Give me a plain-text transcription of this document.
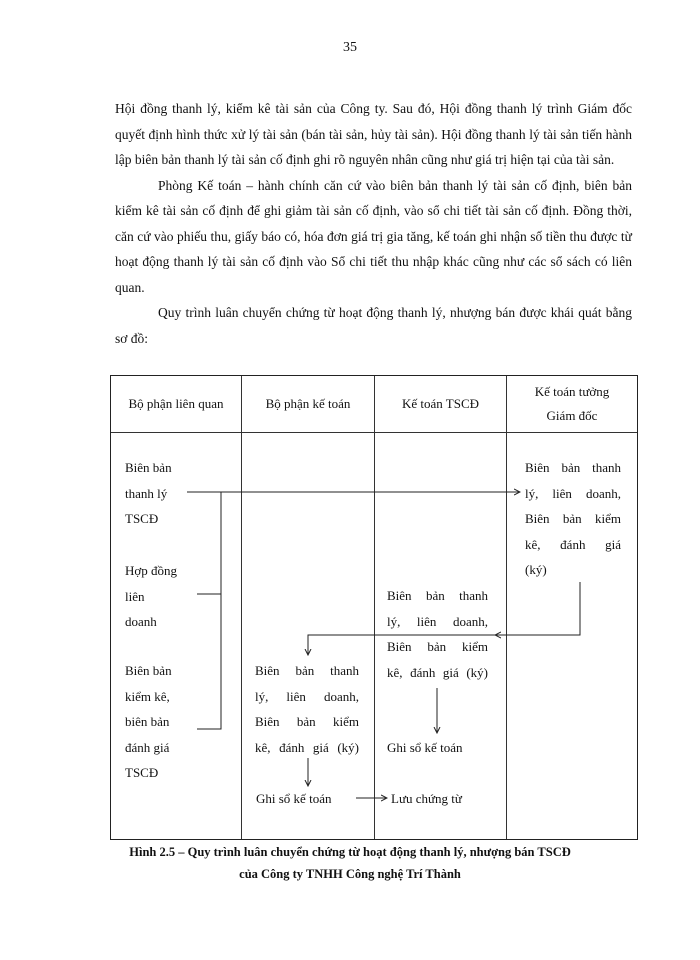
35

Hội đồng thanh lý, kiểm kê tài sản của Công ty. Sau đó, Hội đồng thanh lý trình Giám đốc quyết định hình thức xử lý tài sản (bán tài sản, hủy tài sản). Hội đồng thanh lý tài sản tiến hành lập biên bản thanh lý tài sản cố định ghi rõ nguyên nhân cũng như giá trị hiện tại của tài sản.

Phòng Kế toán – hành chính căn cứ vào biên bản thanh lý tài sản cố định, biên bản kiểm kê tài sản cố định để ghi giảm tài sản cố định, vào sổ chi tiết tài sản cố định. Đồng thời, căn cứ vào phiếu thu, giấy báo có, hóa đơn giá trị gia tăng, kế toán ghi nhận số tiền thu được từ hoạt động thanh lý tài sản cố định vào Sổ chi tiết thu nhập khác cũng như các sổ sách có liên quan.

Quy trình luân chuyển chứng từ hoạt động thanh lý, nhượng bán được khái quát bằng sơ đồ:

Bộ phận liên quan	Bộ phận kế toán	Kế toán TSCĐ
Kế toán tưởng Giám đốc
Biên bản
thanh lý
TSCĐ
Hợp đồng
liên
doanh
Biên bản
kiểm kê,
biên bản
đánh giá
TSCĐ
Biên bản thanh
lý, liên doanh,
Biên bản kiểm
kê, đánh giá
(ký)
Biên bản thanh
lý, liên doanh,
Biên bản kiểm
kê, đánh giá (ký)
Ghi sổ kế toán
Lưu chứng từ
Biên bản thanh
lý, liên doanh,
Biên bản kiểm
kê, đánh giá (ký)
Ghi sổ kế toán
Hình 2.5 – Quy trình luân chuyển chứng từ hoạt động thanh lý, nhượng bán TSCĐ
của Công ty TNHH Công nghệ Trí Thành
